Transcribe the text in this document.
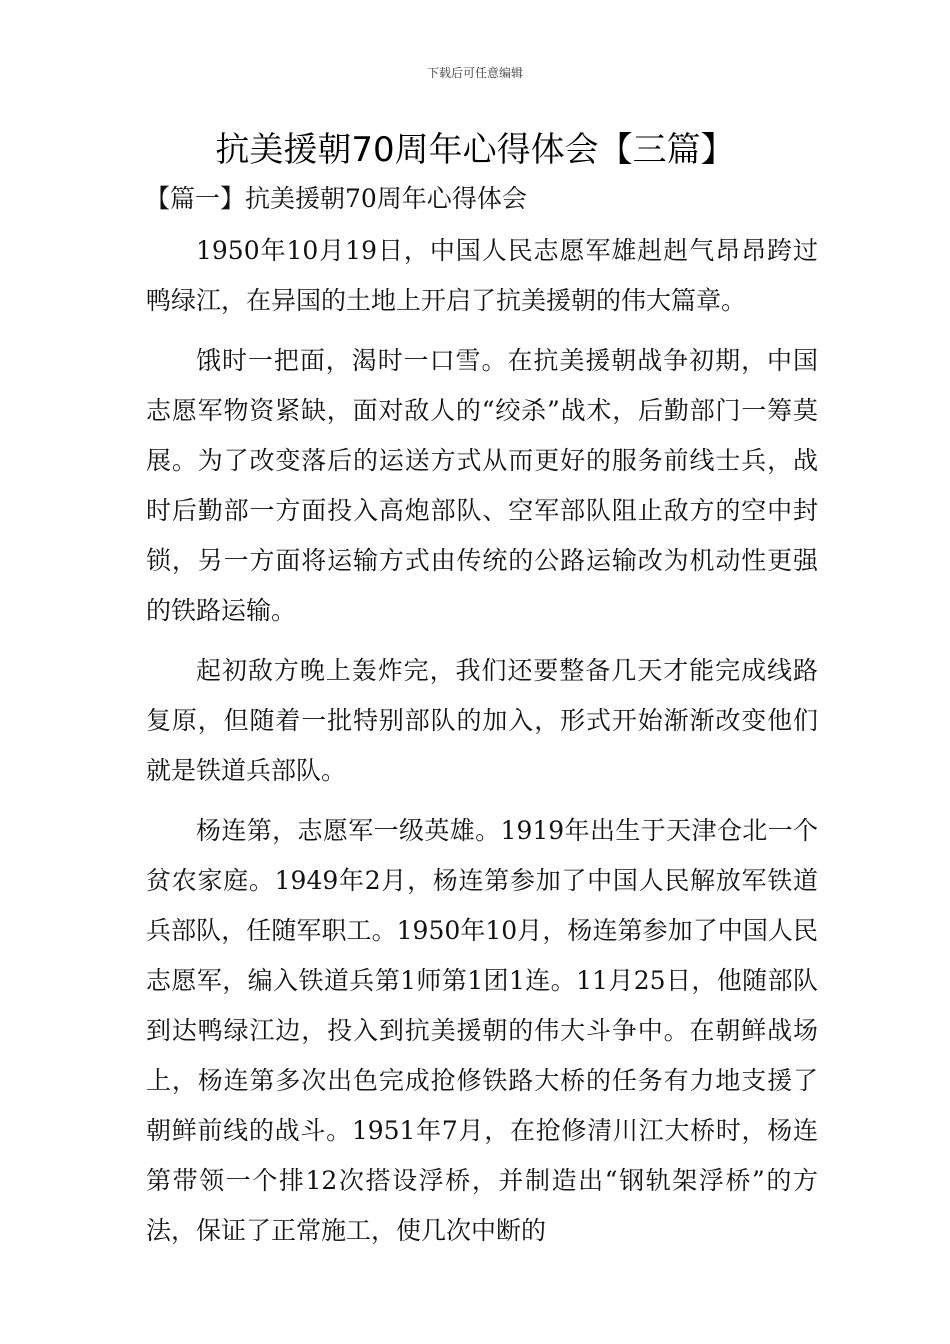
下载后可任意编辑
抗美援朝70周年心得体会【三篇】
【篇一】抗美援朝70周年心得体会

1950年10月19日，中国人民志愿军雄赳赳气昂昂跨过鸭绿江，在异国的土地上开启了抗美援朝的伟大篇章。

饿时一把面，渴时一口雪。在抗美援朝战争初期，中国志愿军物资紧缺，面对敌人的“绞杀”战术，后勤部门一筹莫展。为了改变落后的运送方式从而更好的服务前线士兵，战时后勤部一方面投入高炮部队、空军部队阻止敌方的空中封锁，另一方面将运输方式由传统的公路运输改为机动性更强的铁路运输。

起初敌方晚上轰炸完，我们还要整备几天才能完成线路复原，但随着一批特别部队的加入，形式开始渐渐改变他们就是铁道兵部队。

杨连第，志愿军一级英雄。1919年出生于天津仓北一个贫农家庭。1949年2月，杨连第参加了中国人民解放军铁道兵部队，任随军职工。1950年10月，杨连第参加了中国人民志愿军，编入铁道兵第1师第1团1连。11月25日，他随部队到达鸭绿江边，投入到抗美援朝的伟大斗争中。在朝鲜战场上，杨连第多次出色完成抢修铁路大桥的任务有力地支援了朝鲜前线的战斗。1951年7月，在抢修清川江大桥时，杨连第带领一个排12次搭设浮桥，并制造出“钢轨架浮桥”的方法，保证了正常施工，使几次中断的
